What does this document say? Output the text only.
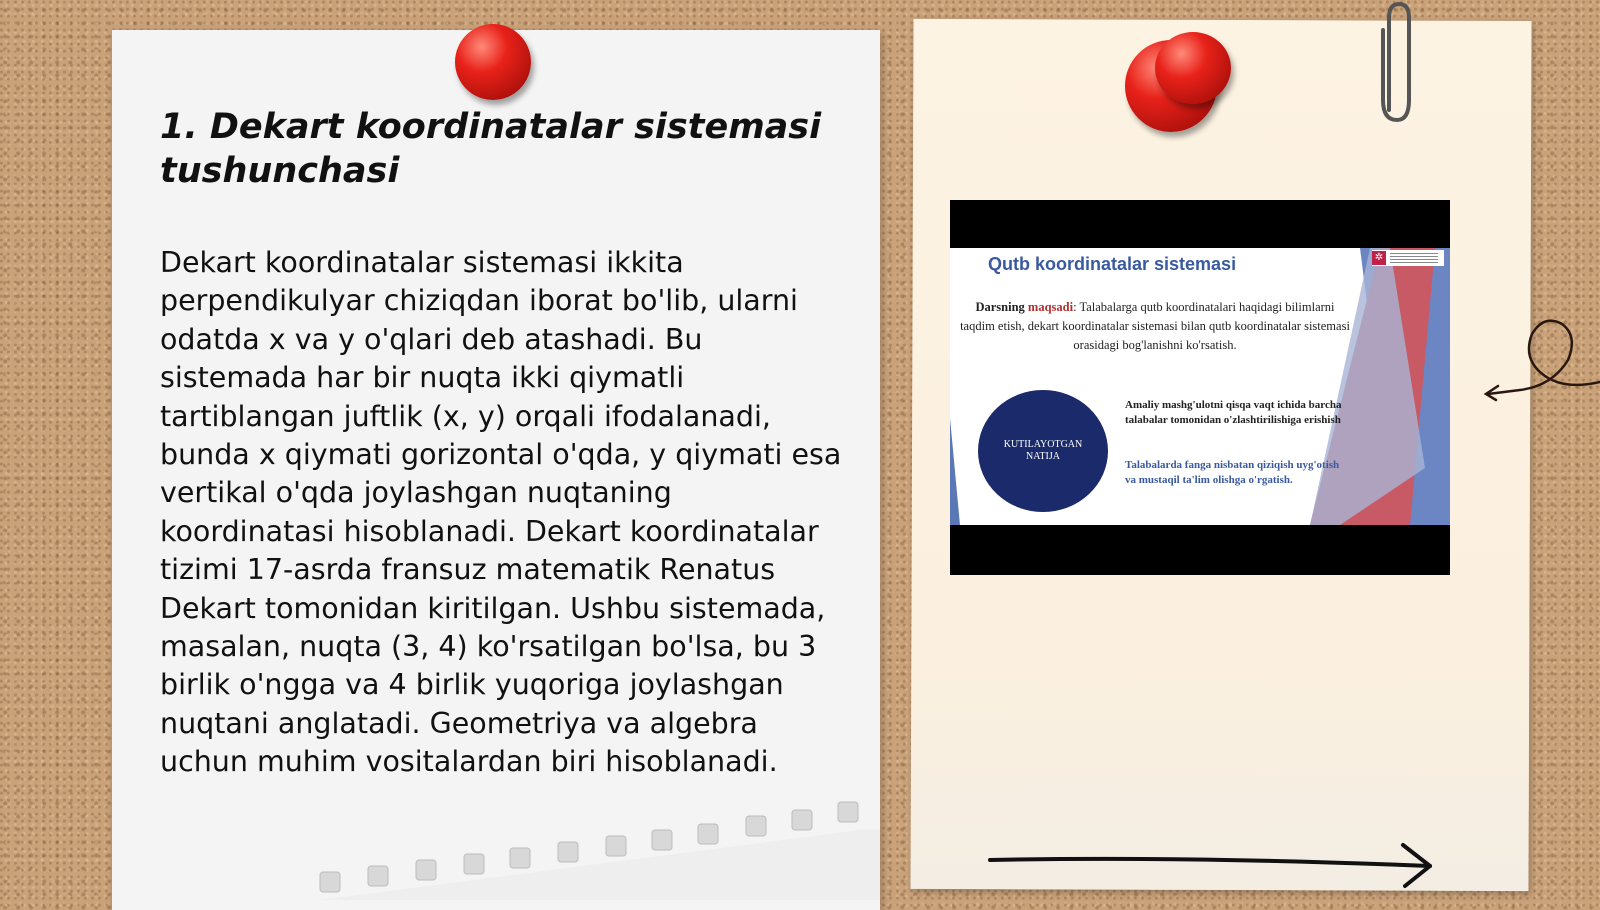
1. Dekart koordinatalar sistemasi tushunchasi

Dekart koordinatalar sistemasi ikkita perpendikulyar chiziqdan iborat bo'lib, ularni odatda x va y o'qlari deb atashadi. Bu sistemada har bir nuqta ikki qiymatli tartiblangan juftlik (x, y) orqali ifodalanadi, bunda x qiymati gorizontal o'qda, y qiymati esa vertikal o'qda joylashgan nuqtaning koordinatasi hisoblanadi. Dekart koordinatalar tizimi 17-asrda fransuz matematik Renatus Dekart tomonidan kiritilgan. Ushbu sistemada, masalan, nuqta (3, 4) ko'rsatilgan bo'lsa, bu 3 birlik o'ngga va 4 birlik yuqoriga joylashgan nuqtani anglatadi. Geometriya va algebra uchun muhim vositalardan biri hisoblanadi.

✲
Qutb koordinatalar sistemasi

Darsning maqsadi: Talabalarga qutb koordinatalari haqidagi bilimlarni taqdim etish, dekart koordinatalar sistemasi bilan qutb koordinatalar sistemasi orasidagi bog'lanishni ko'rsatish.

KUTILAYOTGAN NATIJA

Amaliy mashg'ulotni qisqa vaqt ichida barcha talabalar tomonidan o'zlashtirilishiga erishish

Talabalarda fanga nisbatan qiziqish uyg'otish va mustaqil ta'lim olishga o'rgatish.
